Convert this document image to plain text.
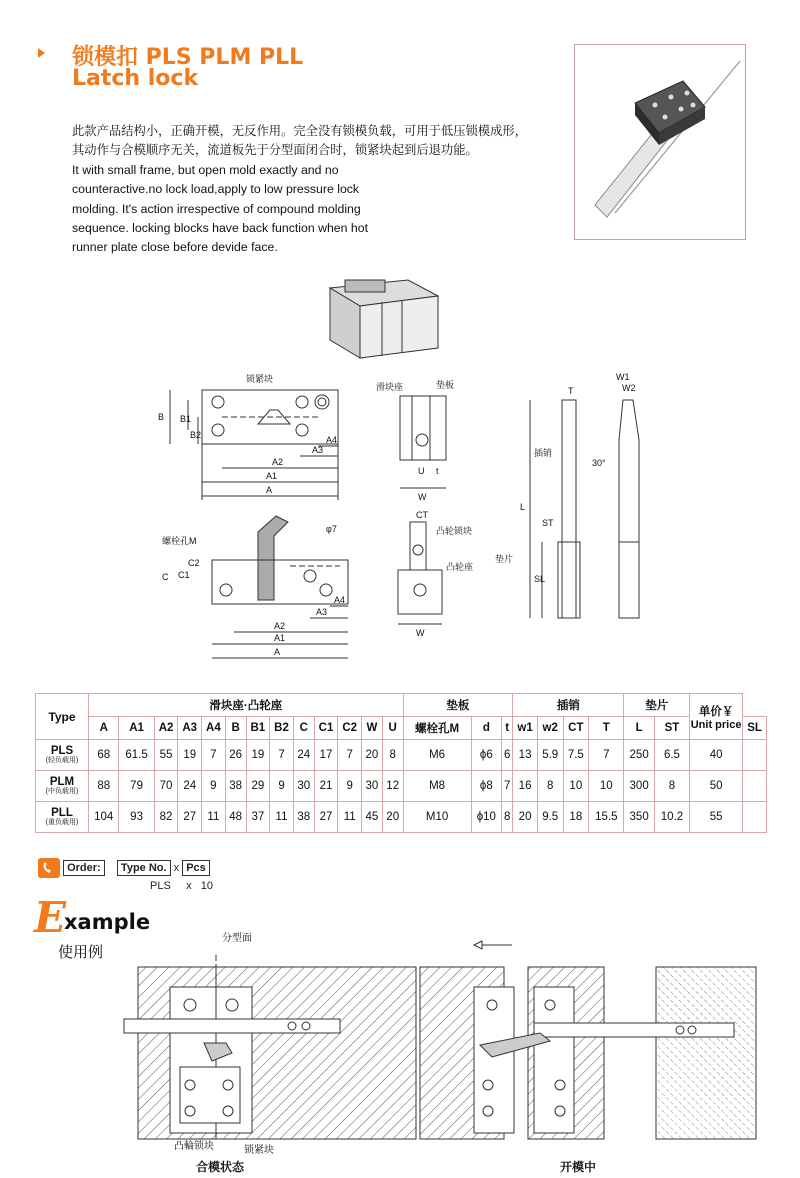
锁模扣 PLS PLM PLL
Latch lock
此款产品结构小，正确开模，无反作用。完全没有锁模负载，可用于低压锁模成形，
其动作与合模顺序无关，流道板先于分型面闭合时，锁紧块起到后退功能。
It with small frame, but open mold exactly and no
counteractive.no lock load,apply to low pressure lock
molding. It's action irrespective of compound molding
sequence. locking blocks have back function when hot
runner plate close before devide face.
锁紧块
滑块座	垫板
插销
垫片
凸轮锁块
凸轮座
螺栓孔M
φ7
30°
B B1
B2
A
A1
A2
A3
A4
W
U t
T
W1
W2
L
ST
SL
CT
W
C C1
C2
A
A1
A2
A3
A4
Type	滑块座·凸轮座													垫板			插销				垫片		单价￥
Unit price	

	A	A1	A2	A3	A4	B	B1	B2	C	C1	C2	W	U	螺栓孔M	d	t	w1	w2	CT	T	L	ST		SL
PLS
(轻负载用)	68	61.5	55	19	7	26	19	7	24	17	7	20	8	M6	ϕ6	6	13	5.9	7.5	7	250	6.5	40	
PLM
(中负载用)	88	79	70	24	9	38	29	9	30	21	9	30	12	M8	ϕ8	7	16	8	10	10	300	8	50	
PLL
(重负载用)	104	93	82	27	11	48	37	11	38	27	11	45	20	M10	ϕ10	8	20	9.5	18	15.5	350	10.2	55	
Order: Type No. x Pcs
PLS x 10
E
xample
使用例
分型面
凸輪锁块	锁紧块
合模状态	开模中
